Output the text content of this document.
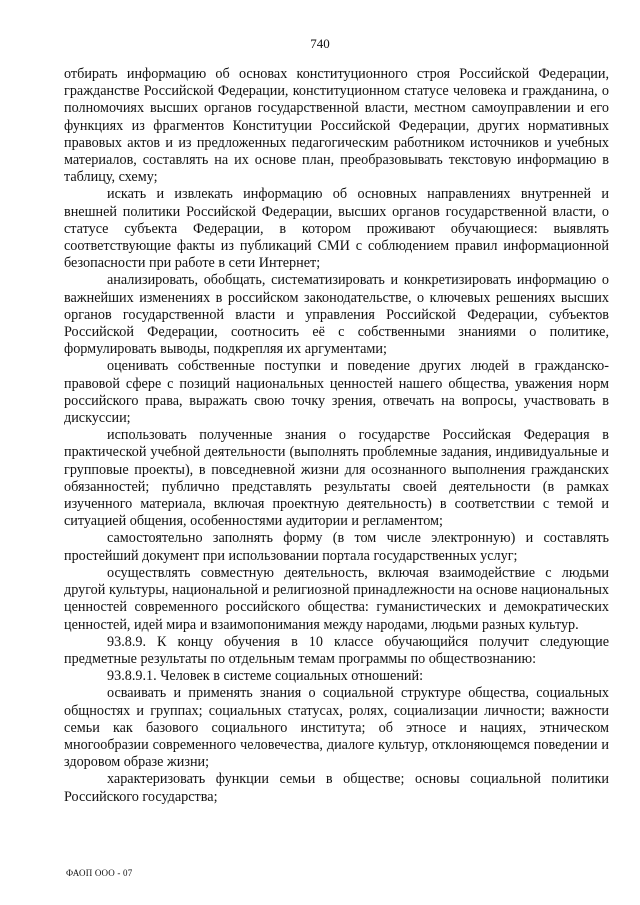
740

отбирать информацию об основах конституционного строя Российской Федерации, гражданстве Российской Федерации, конституционном статусе человека и гражданина, о полномочиях высших органов государственной власти, местном самоуправлении и его функциях из фрагментов Конституции Российской Федерации, других нормативных правовых актов и из предложенных педагогическим работником источников и учебных материалов, составлять на их основе план, преобразовывать текстовую информацию в таблицу, схему;

искать и извлекать информацию об основных направлениях внутренней и внешней политики Российской Федерации, высших органов государственной власти, о статусе субъекта Федерации, в котором проживают обучающиеся: выявлять соответствующие факты из публикаций СМИ с соблюдением правил информационной безопасности при работе в сети Интернет;

анализировать, обобщать, систематизировать и конкретизировать информацию о важнейших изменениях в российском законодательстве, о ключевых решениях высших органов государственной власти и управления Российской Федерации, субъектов Российской Федерации, соотносить её с собственными знаниями о политике, формулировать выводы, подкрепляя их аргументами;

оценивать собственные поступки и поведение других людей в гражданско-правовой сфере с позиций национальных ценностей нашего общества, уважения норм российского права, выражать свою точку зрения, отвечать на вопросы, участвовать в дискуссии;

использовать полученные знания о государстве Российская Федерация в практической учебной деятельности (выполнять проблемные задания, индивидуальные и групповые проекты), в повседневной жизни для осознанного выполнения гражданских обязанностей; публично представлять результаты своей деятельности (в рамках изученного материала, включая проектную деятельность) в соответствии с темой и ситуацией общения, особенностями аудитории и регламентом;

самостоятельно заполнять форму (в том числе электронную) и составлять простейший документ при использовании портала государственных услуг;

осуществлять совместную деятельность, включая взаимодействие с людьми другой культуры, национальной и религиозной принадлежности на основе национальных ценностей современного российского общества: гуманистических и демократических ценностей, идей мира и взаимопонимания между народами, людьми разных культур.

93.8.9. К концу обучения в 10 классе обучающийся получит следующие предметные результаты по отдельным темам программы по обществознанию:

93.8.9.1. Человек в системе социальных отношений:

осваивать и применять знания о социальной структуре общества, социальных общностях и группах; социальных статусах, ролях, социализации личности; важности семьи как базового социального института; об этносе и нациях, этническом многообразии современного человечества, диалоге культур, отклоняющемся поведении и здоровом образе жизни;

характеризовать функции семьи в обществе; основы социальной политики Российского государства;

ФАОП ООО - 07
